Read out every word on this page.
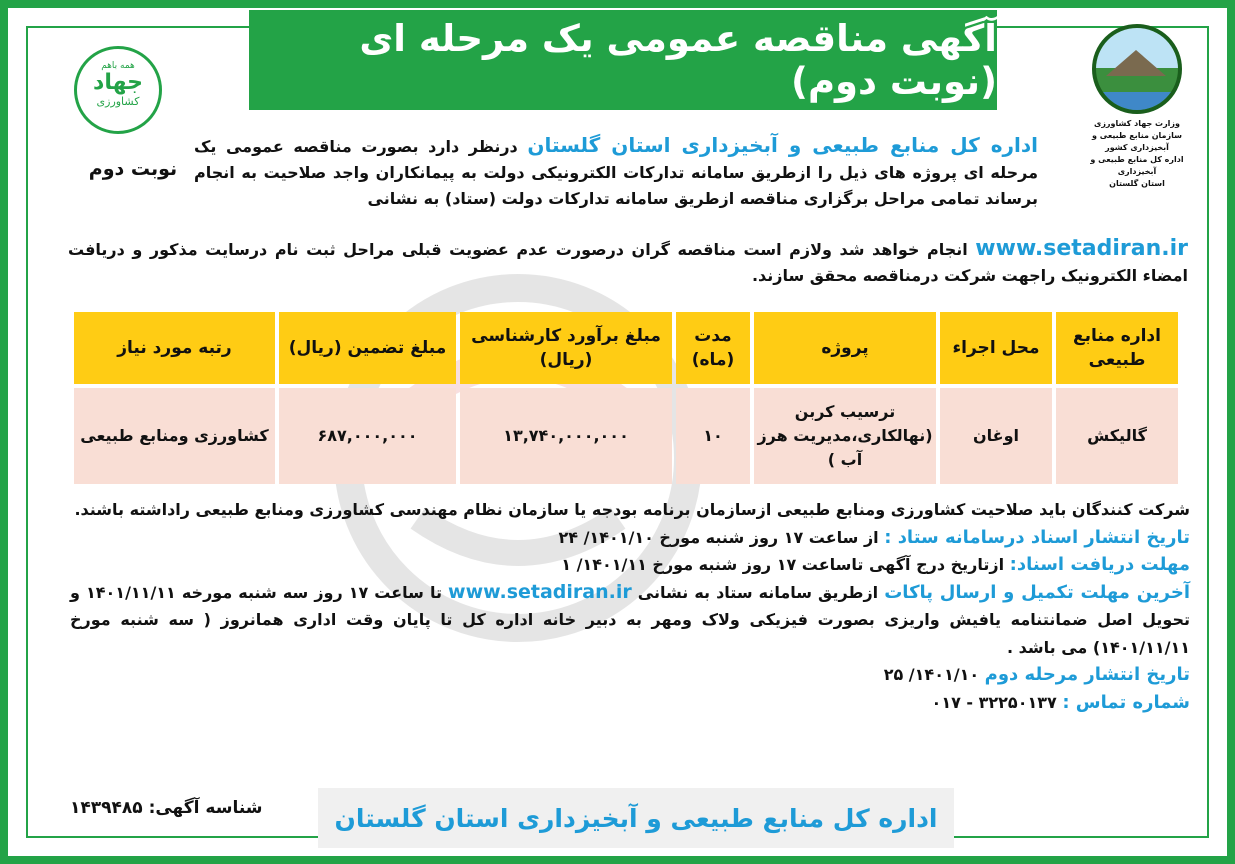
آگهی مناقصه عمومی یک مرحله ای (نوبت دوم)
وزارت جهاد کشاورزی
سازمان منابع طبیعی و آبخیزداری کشور
اداره کل منابع طبیعی و آبخیزداری
استان گلستان
همه باهم
جهاد
کشاورزی
نوبت دوم
اداره کل منابع طبیعی و آبخیزداری استان گلستان درنظر دارد بصورت مناقصه عمومی یک مرحله ای پروژه های ذیل را ازطریق سامانه تدارکات الکترونیکی دولت به پیمانکاران واجد صلاحیت به انجام برساند تمامی مراحل برگزاری مناقصه ازطریق سامانه تدارکات دولت (ستاد) به نشانی
www.setadiran.ir انجام خواهد شد ولازم است مناقصه گران درصورت عدم عضویت قبلی مراحل ثبت نام درسایت مذکور و دریافت امضاء الکترونیک راجهت شرکت درمناقصه محقق سازند.
اداره منابع طبیعی	محل اجراء	پروژه	مدت (ماه)	مبلغ برآورد کارشناسی (ریال)	مبلغ تضمین (ریال)	رتبه مورد نیاز
گالیکش	اوغان	ترسیب کربن (نهالکاری،مدیریت هرز آب )	۱۰	۱۳,۷۴۰,۰۰۰,۰۰۰	۶۸۷,۰۰۰,۰۰۰	کشاورزی ومنابع طبیعی
شرکت کنندگان باید صلاحیت کشاورزی ومنابع طبیعی ازسازمان برنامه بودجه یا سازمان نظام مهندسی کشاورزی ومنابع طبیعی راداشته باشند.
تاریخ انتشار اسناد درسامانه ستاد : از ساعت ۱۷ روز شنبه مورخ ۱۴۰۱/۱۰/ ۲۴
مهلت دریافت اسناد: ازتاریخ درج آگهی تاساعت ۱۷ روز شنبه مورخ ۱۴۰۱/۱۱/ ۱
آخرین مهلت تکمیل و ارسال پاکات ازطریق سامانه ستاد به نشانی www.setadiran.ir تا ساعت ۱۷ روز سه شنبه مورخه ۱۴۰۱/۱۱/۱۱ و تحویل اصل ضمانتنامه یافیش واریزی بصورت فیزیکی ولاک ومهر به دبیر خانه اداره کل تا پایان وقت اداری همانروز ( سه شنبه مورخ ۱۴۰۱/۱۱/۱۱) می باشد .
تاریخ انتشار مرحله دوم ۱۴۰۱/۱۰/ ۲۵
شماره تماس : ۳۲۲۵۰۱۳۷ - ۰۱۷
شناسه آگهی: ۱۴۳۹۴۸۵	اداره کل منابع طبیعی و آبخیزداری استان گلستان
